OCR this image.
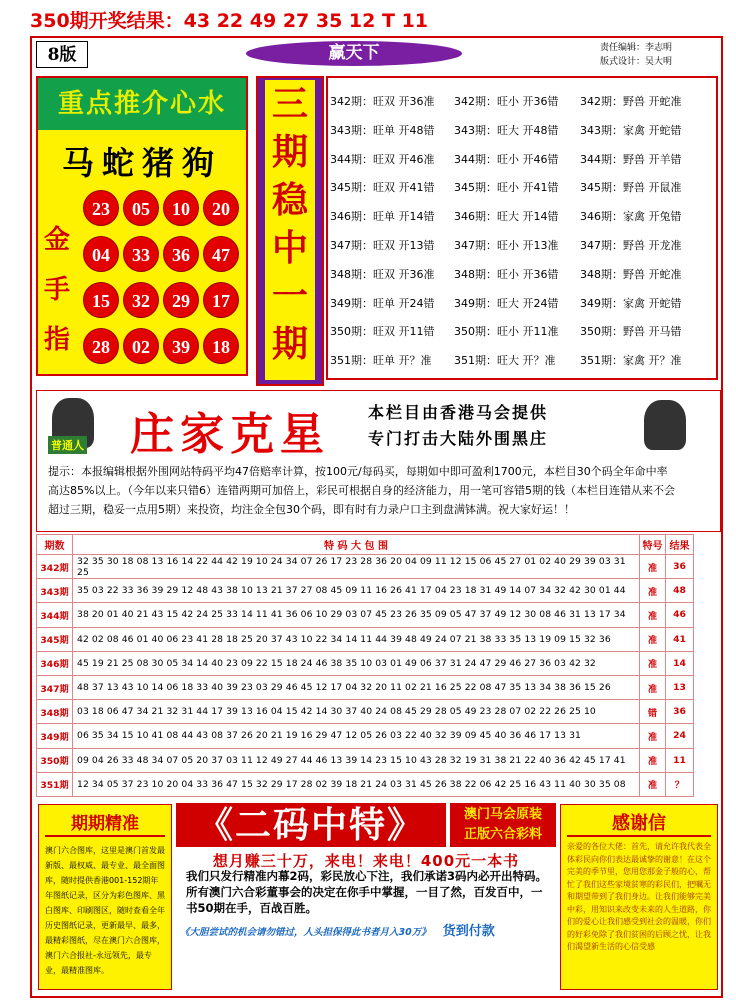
350期开奖结果：43 22 49 27 35 12 T 11
8版	赢天下	责任编辑：李志明
版式设计：吴大明
重点推介心水
马蛇猪狗
金
手
指
23	05	10	20
04	33	36	47
15	32	29	17
28	02	39	18
三
期
稳
中
一
期
342期：旺双 开36准 342期：旺小 开36错 342期：野兽 开蛇准
343期：旺单 开48错 343期：旺大 开48错 343期：家禽 开蛇错
344期：旺双 开46准 344期：旺小 开46错 344期：野兽 开羊错
345期：旺双 开41错 345期：旺小 开41错 345期：野兽 开鼠准
346期：旺单 开14错 346期：旺大 开14错 346期：家禽 开兔错
347期：旺双 开13错 347期：旺小 开13准 347期：野兽 开龙准
348期：旺双 开36准 348期：旺小 开36错 348期：野兽 开蛇准
349期：旺单 开24错 349期：旺大 开24错 349期：家禽 开蛇错
350期：旺双 开11错 350期：旺小 开11准 350期：野兽 开马错
351期：旺单 开？准 351期：旺大 开？准 351期：家禽 开？准
普通人 庄家克星 本栏目由香港马会提供
专门打击大陆外围黑庄
提示：本报编辑根据外围网站特码平均47倍赔率计算，按100元/每码买，每期如中即可盈利1700元，本栏目30个码全年命中率高达85%以上。（今年以来只错6）连错两期可加倍上，彩民可根据自身的经济能力，用一笔可容错5期的钱（本栏目连错从来不会超过三期，稳妥一点用5期）来投资，均注金全包30个码，即有时有力录户口主到盘满钵满。祝大家好运！！
期数	特 码 大 包 围	特号	结果
342期	32 35 30 18 08 13 16 14 22 44 42 19 10 24 34 07 26 17 23 28 36 20 04 09 11 12 15 06 45 27 01 02 40 29 39 03 31 25	准	36
343期	35 03 22 33 36 39 29 12 48 43 38 10 13 21 37 27 08 45 09 11 16 26 41 17 04 23 18 31 49 14 07 34 32 42 30 01 44	准	48
344期	38 20 01 40 21 43 15 42 24 25 33 14 11 41 36 06 10 29 03 07 45 23 26 35 09 05 47 37 49 12 30 08 46 31 13 17 34	准	46
345期	42 02 08 46 01 40 06 23 41 28 18 25 20 37 43 10 22 34 14 11 44 39 48 49 24 07 21 38 33 35 13 19 09 15 32 36	准	41
346期	45 19 21 25 08 30 05 34 14 40 23 09 22 15 18 24 46 38 35 10 03 01 49 06 37 31 24 47 29 46 27 36 03 42 32	准	14
347期	48 37 13 43 10 14 06 18 33 40 39 23 03 29 46 45 12 17 04 32 20 11 02 21 16 25 22 08 47 35 13 34 38 36 15 26	准	13
348期	03 18 06 47 34 21 32 31 44 17 39 13 16 04 15 42 14 30 37 40 24 08 45 29 28 05 49 23 28 07 02 22 26 25 10	错	36
349期	06 35 34 15 10 41 08 44 43 08 37 26 20 21 19 16 29 47 12 05 26 03 22 40 32 39 09 45 40 36 46 17 13 31	准	24
350期	09 04 26 33 48 34 07 05 20 37 03 11 12 49 27 44 46 13 39 14 23 15 10 43 28 32 19 31 38 21 22 40 36 42 45 17 41	准	11
351期	12 34 05 37 23 10 20 04 33 36 47 15 32 29 17 28 02 39 18 21 24 03 31 45 26 38 22 06 42 25 16 43 11 40 30 35 08	准	？
期期精准
澳门六合图库，这里是澳门首发最新版、最权威、最专业、最全面图库，随时提供香港001-152期年年图纸记录，区分为彩色图库、黑白图库、印刷图区，随时查看全年历史图纸记录，更新最早、最多，最精彩图纸，尽在澳门六合图库，澳门六合报社-永远领先，最专业，最精准图库。
《二码中特》	澳门马会原装
正版六合彩料
想月赚三十万，来电！来电！400元一本书
我们只发行精准内幕2码，彩民放心下注，我们承诺3码内必开出特码。所有澳门六合彩董事会的决定在你手中掌握，一目了然，百发百中，一书50期在手，百战百胜。
《大胆尝试的机会请勿错过，人头担保得此书者月入30万》 货到付款
感谢信
亲爱的各位大佬：首先，请允许我代表全体彩民向你们表达最诚挚的谢意！在这个完美的季节里，您用您那金子般的心，帮忙了我们这些家境贫寒的彩民们，把嘱无和期望带到了我们身边。让我们能够完美中彩，用知识来改变未来的人生道路，你们的爱心让我们感受到社会的温暖，你们的好彩免除了我们贫困的后顾之忧，让我们渴望新生活的心信受感
